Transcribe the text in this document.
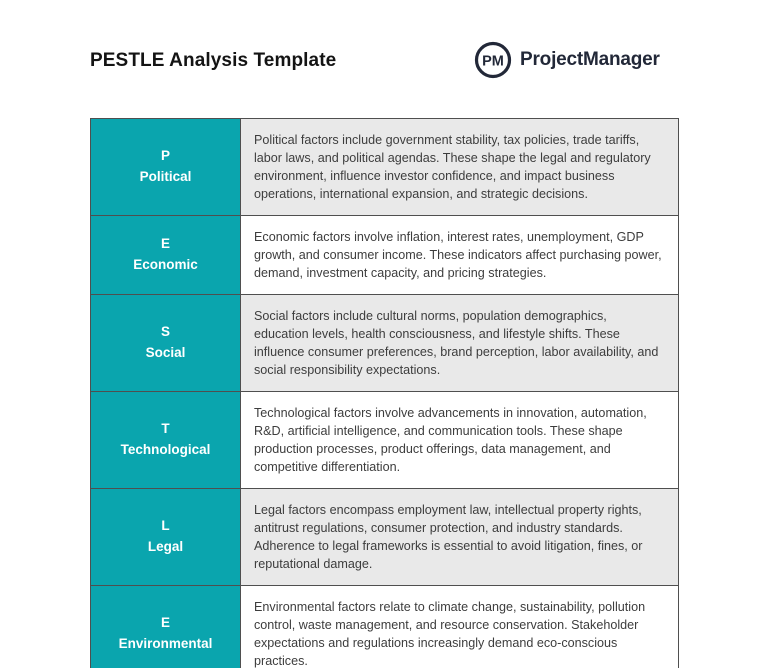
PESTLE Analysis Template	PM ProjectManager
P
Political	Political factors include government stability, tax policies, trade tariffs, labor laws, and political agendas. These shape the legal and regulatory environment, influence investor confidence, and impact business operations, international expansion, and strategic decisions.

E
Economic	Economic factors involve inflation, interest rates, unemployment, GDP growth, and consumer income. These indicators affect purchasing power, demand, investment capacity, and pricing strategies.

S
Social	Social factors include cultural norms, population demographics, education levels, health consciousness, and lifestyle shifts. These influence consumer preferences, brand perception, labor availability, and social responsibility expectations.

T
Technological	Technological factors involve advancements in innovation, automation, R&D, artificial intelligence, and communication tools. These shape production processes, product offerings, data management, and competitive differentiation.

L
Legal	Legal factors encompass employment law, intellectual property rights, antitrust regulations, consumer protection, and industry standards. Adherence to legal frameworks is essential to avoid litigation, fines, or reputational damage.

E
Environmental	Environmental factors relate to climate change, sustainability, pollution control, waste management, and resource conservation. Stakeholder expectations and regulations increasingly demand eco-conscious practices.
